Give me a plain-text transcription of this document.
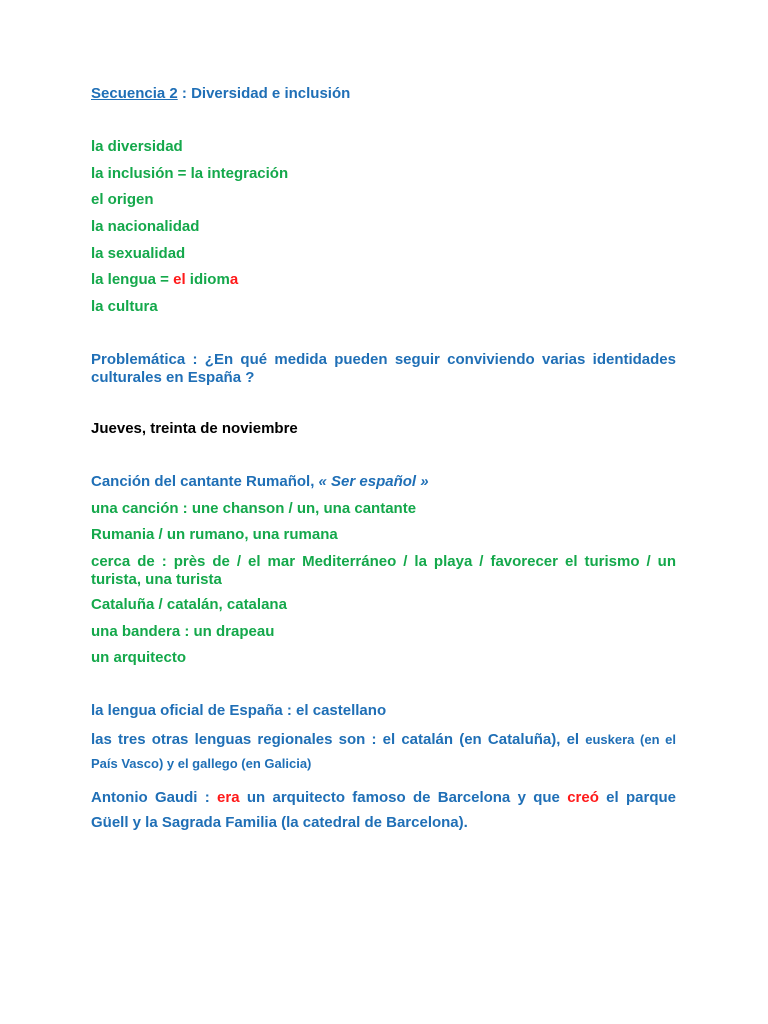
Secuencia 2 : Diversidad e inclusión
la diversidad
la inclusión = la integración
el origen
la nacionalidad
la sexualidad
la lengua = el idioma
la cultura
Problemática : ¿En qué medida pueden seguir conviviendo varias identidades culturales en España ?
Jueves, treinta de noviembre
Canción del cantante Rumañol, « Ser español »
una canción : une chanson / un, una cantante
Rumania / un rumano, una rumana
cerca de : près de / el mar Mediterráneo / la playa / favorecer el turismo / un turista, una turista
Cataluña / catalán, catalana
una bandera : un drapeau
un arquitecto
la lengua oficial de España : el castellano
las tres otras lenguas regionales son : el catalán (en Cataluña), el euskera (en el País Vasco) y el gallego (en Galicia)
Antonio Gaudi : era un arquitecto famoso de Barcelona y que creó el parque Güell y la Sagrada Familia (la catedral de Barcelona).
